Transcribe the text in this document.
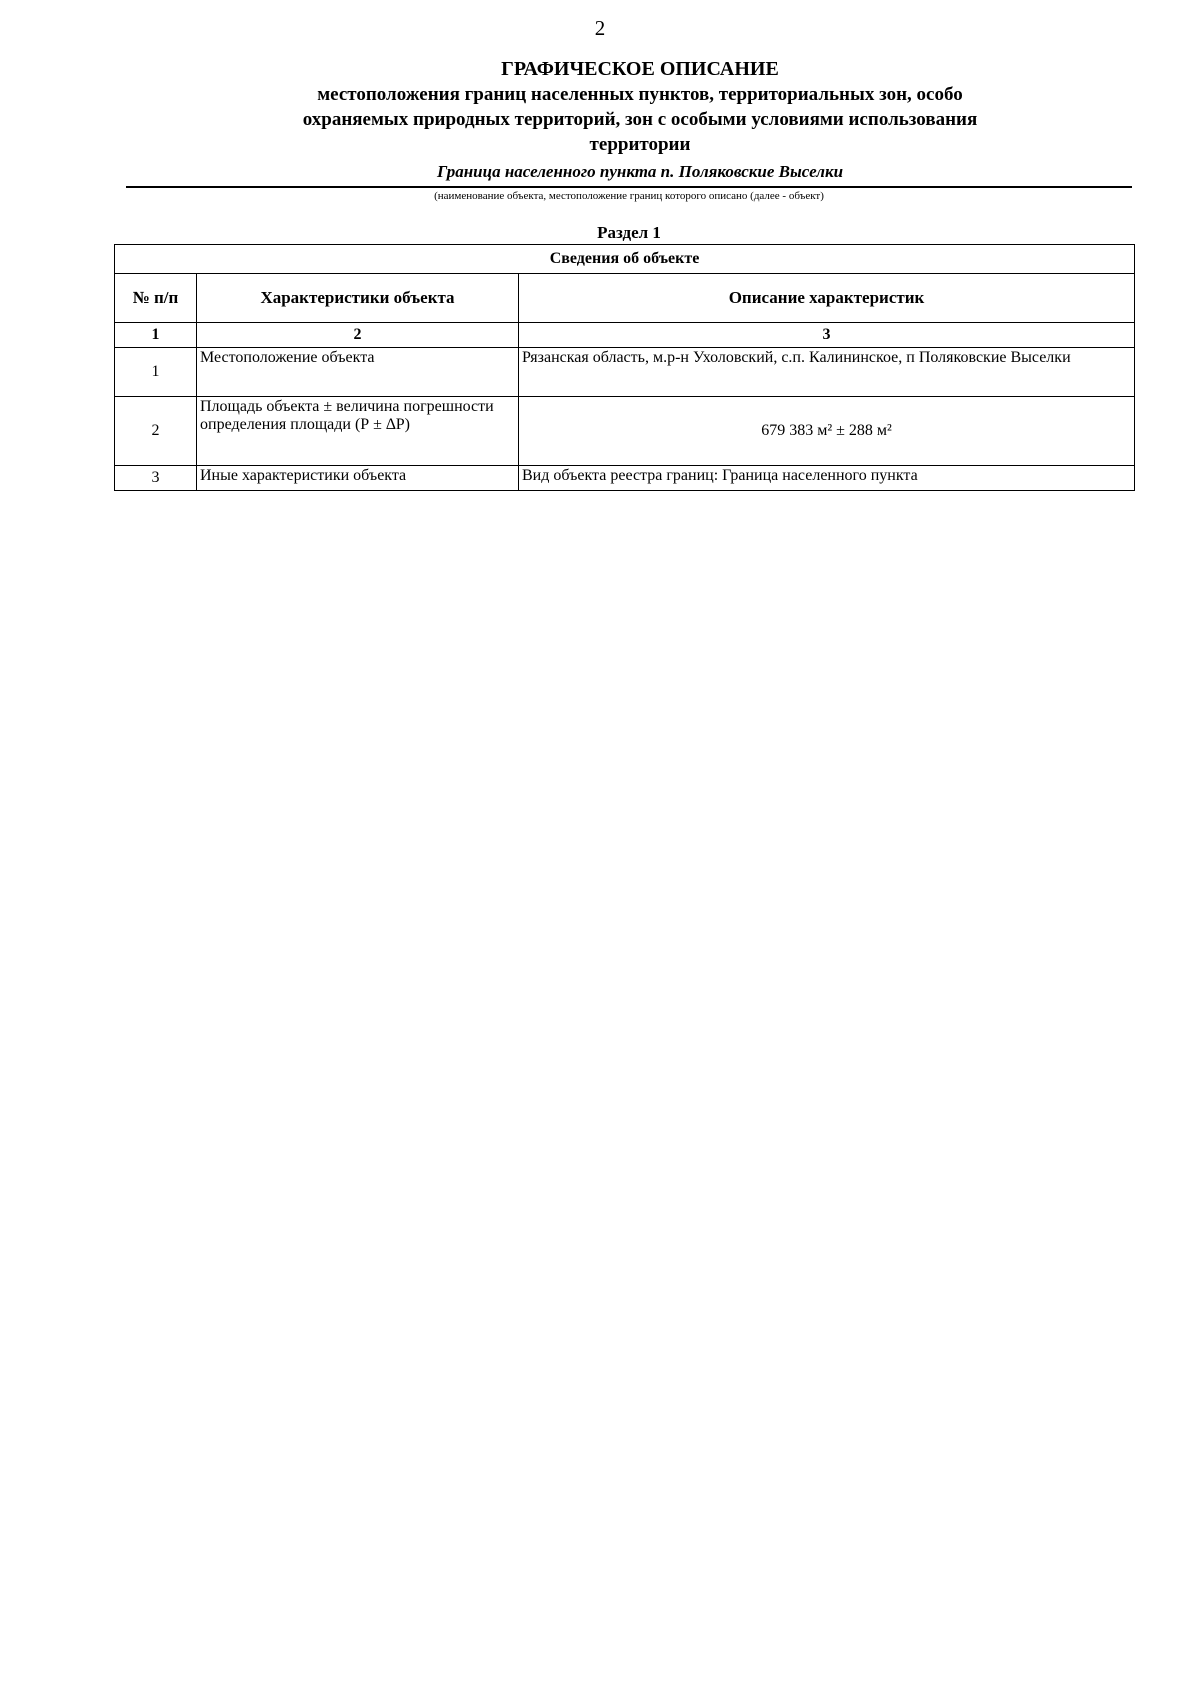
2
ГРАФИЧЕСКОЕ ОПИСАНИЕ
местоположения границ населенных пунктов, территориальных зон, особо охраняемых природных территорий, зон с особыми условиями использования территории
Граница населенного пункта п. Поляковские Выселки
(наименование объекта, местоположение границ которого описано (далее - объект)
Раздел 1
Сведения об объекте		
№ п/п	Характеристики объекта	Описание характеристик
1	2	3
1	Местоположение объекта	Рязанская область, м.р-н Ухоловский, с.п. Калининское, п Поляковские Выселки
2	Площадь объекта ± величина погрешности определения площади (Р ± ∆Р)	679 383 м² ± 288 м²
3	Иные характеристики объекта	Вид объекта реестра границ: Граница населенного пункта
